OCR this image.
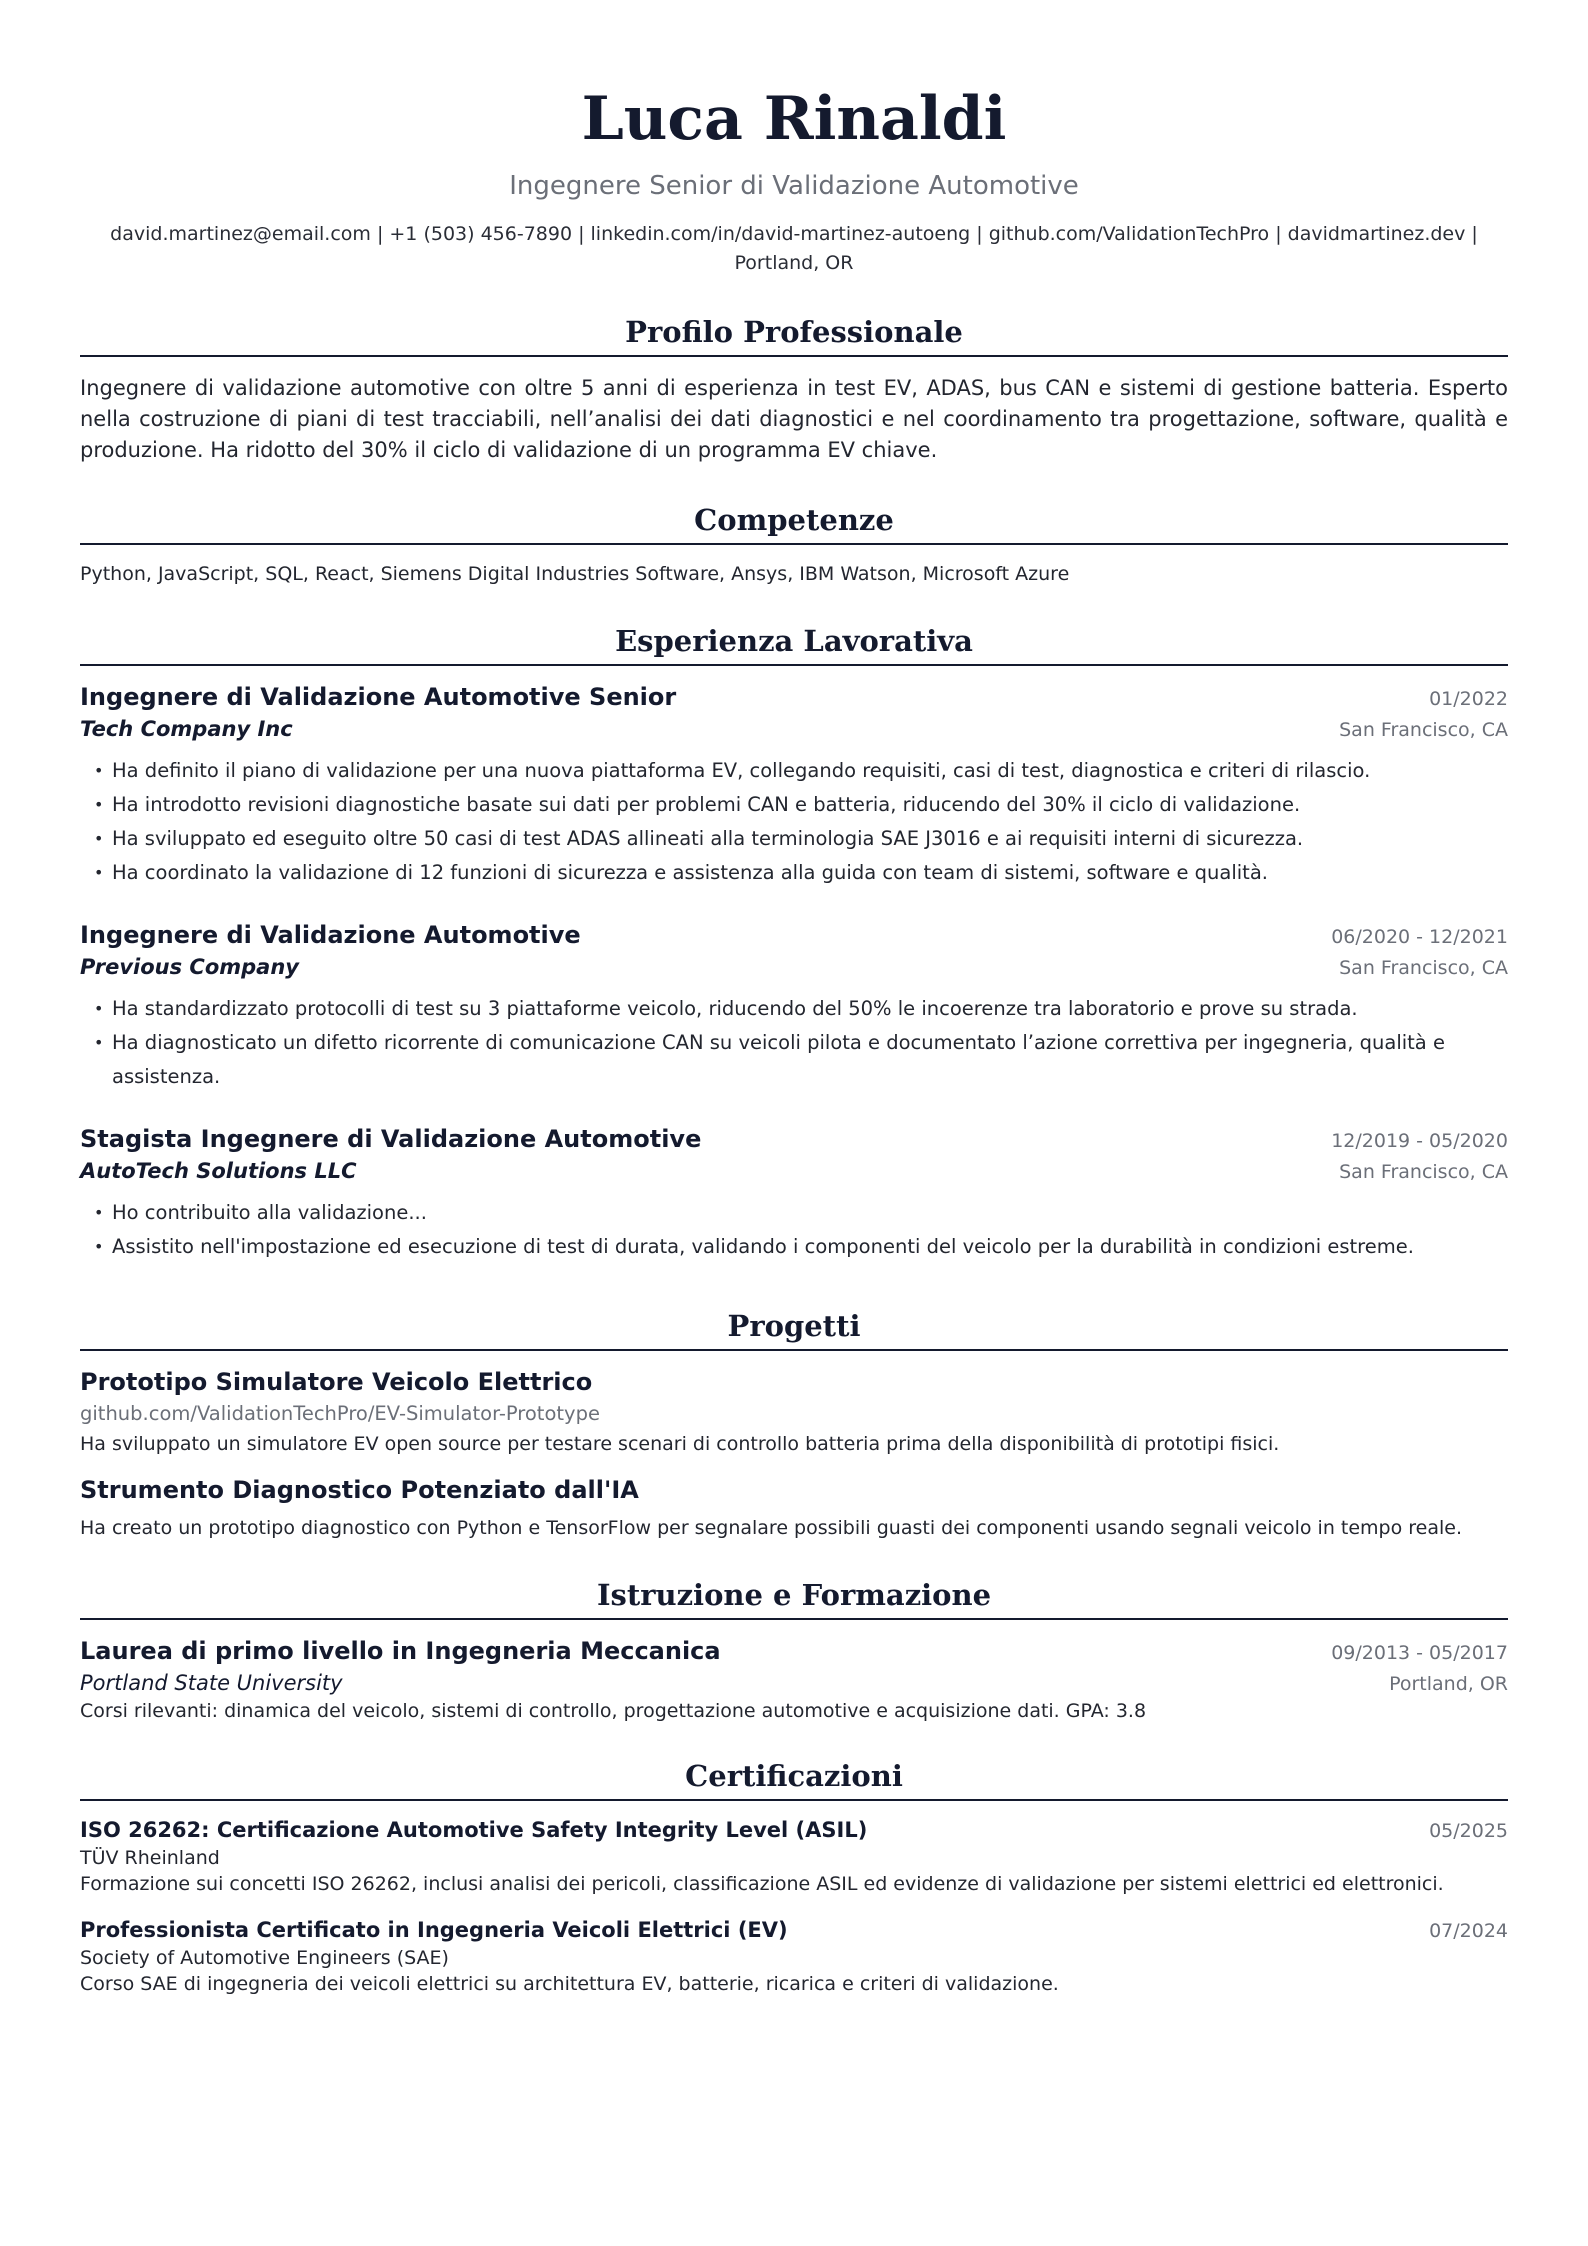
Luca Rinaldi
Ingegnere Senior di Validazione Automotive
david.martinez@email.com | +1 (503) 456-7890 | linkedin.com/in/david-martinez-autoeng | github.com/ValidationTechPro | davidmartinez.dev |
Portland, OR
Profilo Professionale
Ingegnere di validazione automotive con oltre 5 anni di esperienza in test EV, ADAS, bus CAN e sistemi di gestione batteria. Esperto nella costruzione di piani di test tracciabili, nell’analisi dei dati diagnostici e nel coordinamento tra progettazione, software, qualità e produzione. Ha ridotto del 30% il ciclo di validazione di un programma EV chiave.
Competenze
Python, JavaScript, SQL, React, Siemens Digital Industries Software, Ansys, IBM Watson, Microsoft Azure
Esperienza Lavorativa
Ingegnere di Validazione Automotive Senior	01/2022
Tech Company Inc	San Francisco, CA
• Ha definito il piano di validazione per una nuova piattaforma EV, collegando requisiti, casi di test, diagnostica e criteri di rilascio.
• Ha introdotto revisioni diagnostiche basate sui dati per problemi CAN e batteria, riducendo del 30% il ciclo di validazione.
• Ha sviluppato ed eseguito oltre 50 casi di test ADAS allineati alla terminologia SAE J3016 e ai requisiti interni di sicurezza.
• Ha coordinato la validazione di 12 funzioni di sicurezza e assistenza alla guida con team di sistemi, software e qualità.
Ingegnere di Validazione Automotive	06/2020 - 12/2021
Previous Company	San Francisco, CA
• Ha standardizzato protocolli di test su 3 piattaforme veicolo, riducendo del 50% le incoerenze tra laboratorio e prove su strada.
• Ha diagnosticato un difetto ricorrente di comunicazione CAN su veicoli pilota e documentato l’azione correttiva per ingegneria, qualità e assistenza.
Stagista Ingegnere di Validazione Automotive	12/2019 - 05/2020
AutoTech Solutions LLC	San Francisco, CA
• Ho contribuito alla validazione...
• Assistito nell'impostazione ed esecuzione di test di durata, validando i componenti del veicolo per la durabilità in condizioni estreme.
Progetti
Prototipo Simulatore Veicolo Elettrico
github.com/ValidationTechPro/EV-Simulator-Prototype
Ha sviluppato un simulatore EV open source per testare scenari di controllo batteria prima della disponibilità di prototipi fisici.
Strumento Diagnostico Potenziato dall'IA
Ha creato un prototipo diagnostico con Python e TensorFlow per segnalare possibili guasti dei componenti usando segnali veicolo in tempo reale.
Istruzione e Formazione
Laurea di primo livello in Ingegneria Meccanica	09/2013 - 05/2017
Portland State University	Portland, OR
Corsi rilevanti: dinamica del veicolo, sistemi di controllo, progettazione automotive e acquisizione dati. GPA: 3.8
Certificazioni
ISO 26262: Certificazione Automotive Safety Integrity Level (ASIL)	05/2025
TÜV Rheinland
Formazione sui concetti ISO 26262, inclusi analisi dei pericoli, classificazione ASIL ed evidenze di validazione per sistemi elettrici ed elettronici.
Professionista Certificato in Ingegneria Veicoli Elettrici (EV)	07/2024
Society of Automotive Engineers (SAE)
Corso SAE di ingegneria dei veicoli elettrici su architettura EV, batterie, ricarica e criteri di validazione.
